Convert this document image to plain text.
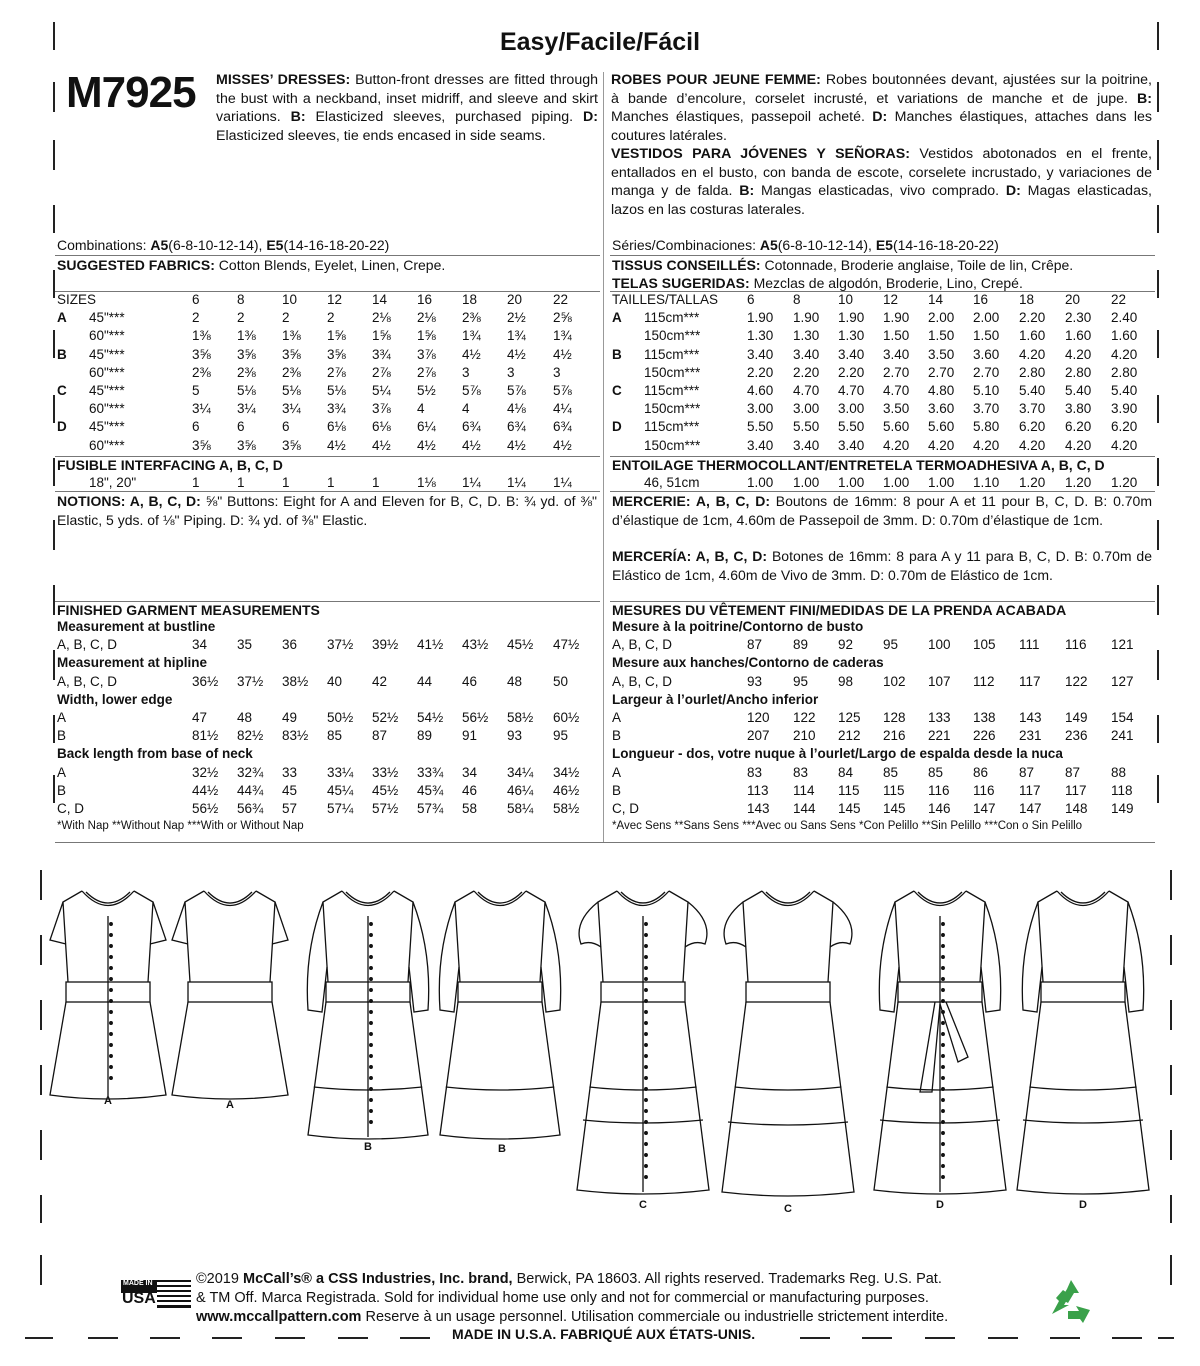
Easy/Facile/Fácil
M7925 MISSES’ DRESSES: Button-front dresses are fitted through the bust with a neckband, inset midriff, and sleeve and skirt variations. B: Elasticized sleeves, purchased piping. D: Elasticized sleeves, tie ends encased in side seams.
ROBES POUR JEUNE FEMME: Robes boutonnées devant, ajustées sur la poitrine, à bande d’encolure, corselet incrusté, et variations de manche et de jupe. B: Manches élastiques, passepoil acheté. D: Manches élastiques, attaches dans les coutures latérales.
VESTIDOS PARA JÓVENES Y SEÑORAS: Vestidos abotonados en el frente, entallados en el busto, con banda de escote, corselete incrustado, y variaciones de manga y de falda. B: Mangas elasticadas, vivo comprado. D: Magas elasticadas, lazos en las costuras laterales.
Combinations: A5(6-8-10-12-14), E5(14-16-18-20-22)
SUGGESTED FABRICS: Cotton Blends, Eyelet, Linen, Crepe.
SIZES	6	8	10	12	14	16	18	20	22
A 45"***	2	2	2	2	2⅛	2⅛	2⅜	2½	2⅝
60"***	1⅜	1⅜	1⅜	1⅝	1⅝	1⅝	1¾	1¾	1¾
B 45"***	3⅝	3⅝	3⅝	3⅝	3¾	3⅞	4½	4½	4½
60"***	2⅜	2⅜	2⅜	2⅞	2⅞	2⅞	3	3	3
C 45"***	5	5⅛	5⅛	5⅛	5¼	5½	5⅞	5⅞	5⅞
60"***	3¼	3¼	3¼	3¾	3⅞	4	4	4⅛	4¼
D 45"***	6	6	6	6⅛	6⅛	6¼	6¾	6¾	6¾
60"***	3⅝	3⅝	3⅝	4½	4½	4½	4½	4½	4½
Séries/Combinaciones: A5(6-8-10-12-14), E5(14-16-18-20-22)
TISSUS CONSEILLÉS: Cotonnade, Broderie anglaise, Toile de lin, Crêpe.
TELAS SUGERIDAS: Mezclas de algodón, Broderie, Lino, Crepé.
TAILLES/TALLAS	6	8	10	12	14	16	18	20	22
A 115cm***	1.90	1.90	1.90	1.90	2.00	2.00	2.20	2.30	2.40
150cm***	1.30	1.30	1.30	1.50	1.50	1.50	1.60	1.60	1.60
B 115cm***	3.40	3.40	3.40	3.40	3.50	3.60	4.20	4.20	4.20
150cm***	2.20	2.20	2.20	2.70	2.70	2.70	2.80	2.80	2.80
C 115cm***	4.60	4.70	4.70	4.70	4.80	5.10	5.40	5.40	5.40
150cm***	3.00	3.00	3.00	3.50	3.60	3.70	3.70	3.80	3.90
D 115cm***	5.50	5.50	5.50	5.60	5.60	5.80	6.20	6.20	6.20
150cm***	3.40	3.40	3.40	4.20	4.20	4.20	4.20	4.20	4.20
FUSIBLE INTERFACING A, B, C, D
18", 20"	1	1	1	1	1	1⅛	1¼	1¼	1¼
ENTOILAGE THERMOCOLLANT/ENTRETELA TERMOADHESIVA A, B, C, D
46, 51cm	1.00	1.00	1.00	1.00	1.00	1.10	1.20	1.20	1.20
NOTIONS: A, B, C, D: ⅝" Buttons: Eight for A and Eleven for B, C, D. B: ¾ yd. of ⅜" Elastic, 5 yds. of ⅛" Piping. D: ¾ yd. of ⅜" Elastic.
MERCERIE: A, B, C, D: Boutons de 16mm: 8 pour A et 11 pour B, C, D. B: 0.70m d’élastique de 1cm, 4.60m de Passepoil de 3mm. D: 0.70m d’élastique de 1cm.
MERCERÍA: A, B, C, D: Botones de 16mm: 8 para A y 11 para B, C, D. B: 0.70m de Elástico de 1cm, 4.60m de Vivo de 3mm. D: 0.70m de Elástico de 1cm.
FINISHED GARMENT MEASUREMENTS
Measurement at bustline									
A, B, C, D	34	35	36	37½	39½	41½	43½	45½	47½
Measurement at hipline									
A, B, C, D	36½	37½	38½	40	42	44	46	48	50
Width, lower edge									
A	47	48	49	50½	52½	54½	56½	58½	60½
B	81½	82½	83½	85	87	89	91	93	95
Back length from base of neck									
A	32½	32¾	33	33¼	33½	33¾	34	34¼	34½
B	44½	44¾	45	45¼	45½	45¾	46	46¼	46½
C, D	56½	56¾	57	57¼	57½	57¾	58	58¼	58½
*With Nap **Without Nap ***With or Without Nap
MESURES DU VÊTEMENT FINI/MEDIDAS DE LA PRENDA ACABADA
Mesure à la poitrine/Contorno de busto									
A, B, C, D	87	89	92	95	100	105	111	116	121
Mesure aux hanches/Contorno de caderas									
A, B, C, D	93	95	98	102	107	112	117	122	127
Largeur à l’ourlet/Ancho inferior									
A	120	122	125	128	133	138	143	149	154
B	207	210	212	216	221	226	231	236	241
Longueur - dos, votre nuque à l’ourlet/Largo de espalda desde la nuca									
A	83	83	84	85	85	86	87	87	88
B	113	114	115	115	116	116	117	117	118
C, D	143	144	145	145	146	147	147	148	149
*Avec Sens **Sans Sens ***Avec ou Sans Sens *Con Pelillo **Sin Pelillo ***Con o Sin Pelillo
A	A
B	B
C	C	D	D
MADE IN
USA
©2019 McCall’s® a CSS Industries, Inc. brand, Berwick, PA 18603. All rights reserved. Trademarks Reg. U.S. Pat.
& TM Off. Marca Registrada. Sold for individual home use only and not for commercial or manufacturing purposes.
www.mccallpattern.com Reserve à un usage personnel. Utilisation commerciale ou industrielle strictement interdite.
MADE IN U.S.A. FABRIQUÉ AUX ÉTATS-UNIS.
